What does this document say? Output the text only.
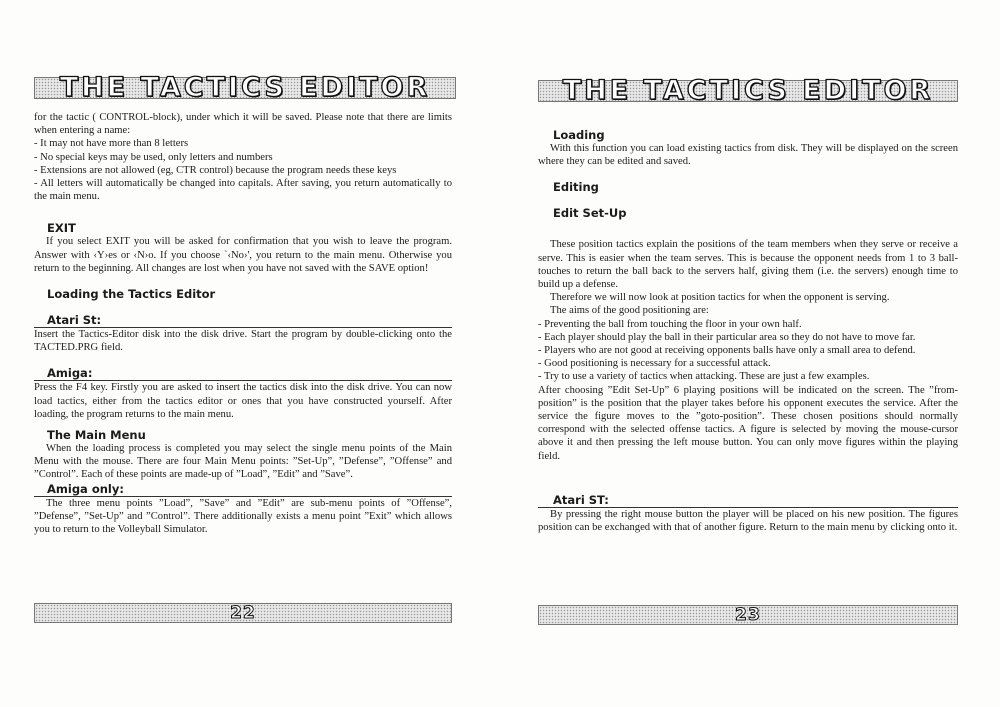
THE TACTICS EDITOR

for the tactic ( CONTROL-block), under which it will be saved. Please note that there are limits when entering a name:

- It may not have more than 8 letters

- No special keys may be used, only letters and numbers

- Extensions are not allowed (eg, CTR control) because the program needs these keys

- All letters will automatically be changed into capitals. After saving, you return automatically to the main menu.

EXIT

If you select EXIT you will be asked for confirmation that you wish to leave the program. Answer with ‹Y›es or ‹N›o. If you choose `‹No›', you return to the main menu. Otherwise you return to the beginning. All changes are lost when you have not saved with the SAVE option!

Loading the Tactics Editor

Atari St:

Insert the Tactics-Editor disk into the disk drive. Start the program by double-clicking onto the TACTED.PRG field.

Amiga:

Press the F4 key. Firstly you are asked to insert the tactics disk into the disk drive. You can now load tactics, either from the tactics editor or ones that you have constructed yourself. After loading, the program returns to the main menu.

The Main Menu

When the loading process is completed you may select the single menu points of the Main Menu with the mouse. There are four Main Menu points: ”Set-Up”, ”Defense”, ”Offense” and ”Control”. Each of these points are made-up of ”Load”, ”Edit” and ”Save”.

Amiga only:

The three menu points ”Load”, ”Save” and ”Edit” are sub-menu points of ”Offense”, ”Defense”, ”Set-Up” and ”Control”. There additionally exists a menu point ”Exit” which allows you to return to the Volleyball Simulator.

22
THE TACTICS EDITOR

Loading

With this function you can load existing tactics from disk. They will be displayed on the screen where they can be edited and saved.

Editing

Edit Set-Up

These position tactics explain the positions of the team members when they serve or receive a serve. This is easier when the team serves. This is because the opponent needs from 1 to 3 ball-touches to return the ball back to the servers half, giving them (i.e. the servers) enough time to build up a defense.

Therefore we will now look at position tactics for when the opponent is serving.

The aims of the good positioning are:

- Preventing the ball from touching the floor in your own half.

- Each player should play the ball in their particular area so they do not have to move far.

- Players who are not good at receiving opponents balls have only a small area to defend.

- Good positioning is necessary for a successful attack.

- Try to use a variety of tactics when attacking. These are just a few examples.

After choosing ”Edit Set-Up” 6 playing positions will be indicated on the screen. The ”from-position” is the position that the player takes before his opponent executes the service. After the service the figure moves to the ”goto-position”. These chosen positions should normally correspond with the selected offense tactics. A figure is selected by moving the mouse-cursor above it and then pressing the left mouse button. You can only move figures within the playing field.

Atari ST:

By pressing the right mouse button the player will be placed on his new position. The figures position can be exchanged with that of another figure. Return to the main menu by clicking onto it.

23
